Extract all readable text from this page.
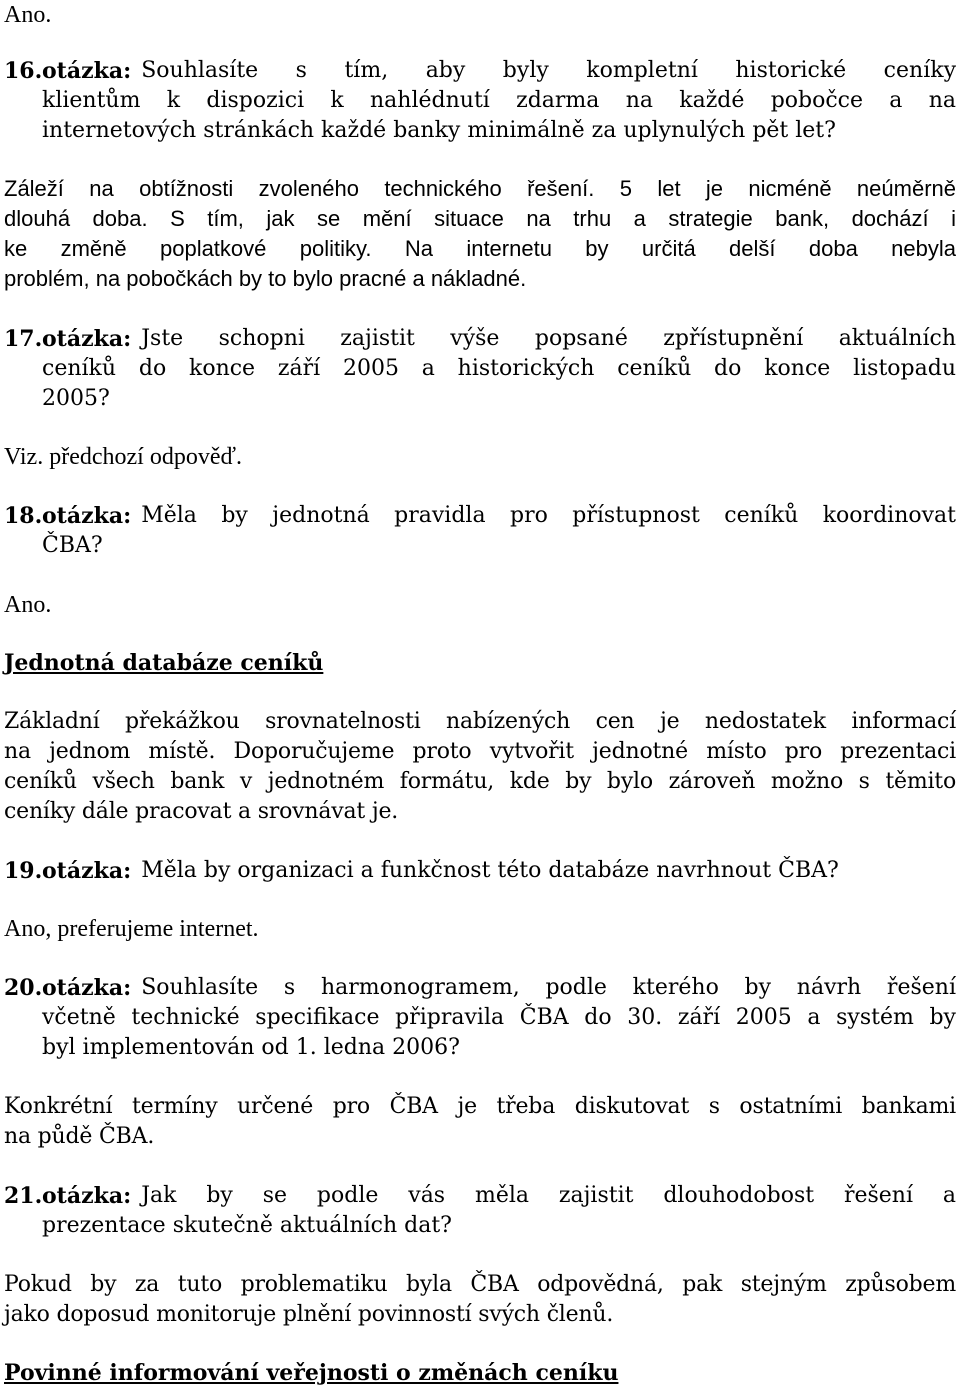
Ano.
16. otázka: Souhlasíte s tím, aby byly kompletní historické ceníky
klientům k dispozici k nahlédnutí zdarma na každé pobočce a na
internetových stránkách každé banky minimálně za uplynulých pět let?
Záleží na obtížnosti zvoleného technického řešení. 5 let je nicméně neúměrně
dlouhá doba. S tím, jak se mění situace na trhu a strategie bank, dochází i
ke změně poplatkové politiky. Na internetu by určitá delší doba nebyla
problém, na pobočkách by to bylo pracné a nákladné.
17. otázka: Jste schopni zajistit výše popsané zpřístupnění aktuálních
ceníků do konce září 2005 a historických ceníků do konce listopadu
2005?
Viz. předchozí odpověď.
18. otázka: Měla by jednotná pravidla pro přístupnost ceníků koordinovat
ČBA?
Ano.
Jednotná databáze ceníků
Základní překážkou srovnatelnosti nabízených cen je nedostatek informací
na jednom místě. Doporučujeme proto vytvořit jednotné místo pro prezentaci
ceníků všech bank v jednotném formátu, kde by bylo zároveň možno s těmito
ceníky dále pracovat a srovnávat je.
19. otázka: Měla by organizaci a funkčnost této databáze navrhnout ČBA?
Ano, preferujeme internet.
20. otázka: Souhlasíte s harmonogramem, podle kterého by návrh řešení
včetně technické specifikace připravila ČBA do 30. září 2005 a systém by
byl implementován od 1. ledna 2006?
Konkrétní termíny určené pro ČBA je třeba diskutovat s ostatními bankami
na půdě ČBA.
21. otázka: Jak by se podle vás měla zajistit dlouhodobost řešení a
prezentace skutečně aktuálních dat?
Pokud by za tuto problematiku byla ČBA odpovědná, pak stejným způsobem
jako doposud monitoruje plnění povinností svých členů.
Povinné informování veřejnosti o změnách ceníku
